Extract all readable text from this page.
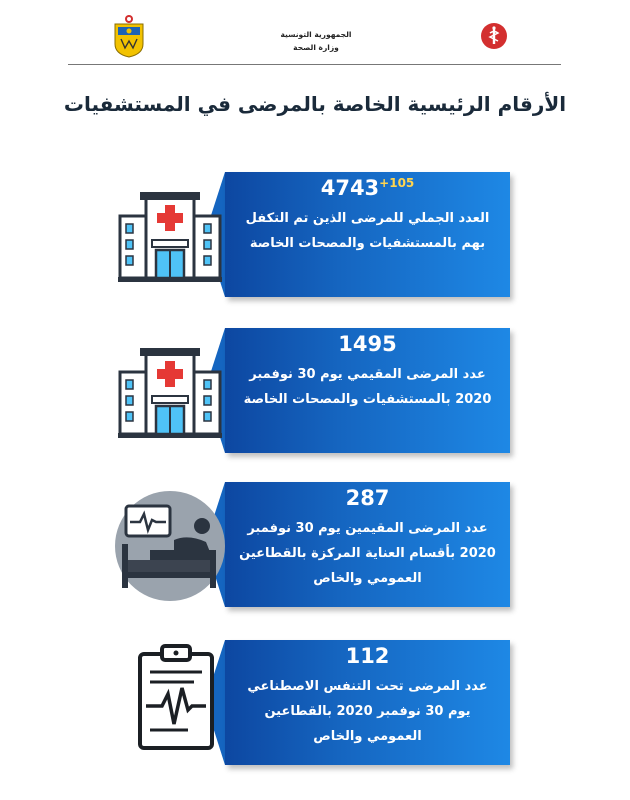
الجمهورية التونسية
وزارة الصحة
الأرقام الرئيسية الخاصة بالمرضى في المستشفيات
$4743^{+105}$
العدد الجملي للمرضى الذين تم التكفل بهم بالمستشفيات والمصحات الخاصة
1495
عدد المرضى المقيمي يوم 30 نوفمبر 2020 بالمستشفيات والمصحات الخاصة
287
عدد المرضى المقيمين يوم 30 نوفمبر 2020 بأقسام العناية المركزة بالقطاعين العمومي والخاص
112
عدد المرضى تحت التنفس الاصطناعي يوم 30 نوفمبر 2020 بالقطاعين العمومي والخاص
